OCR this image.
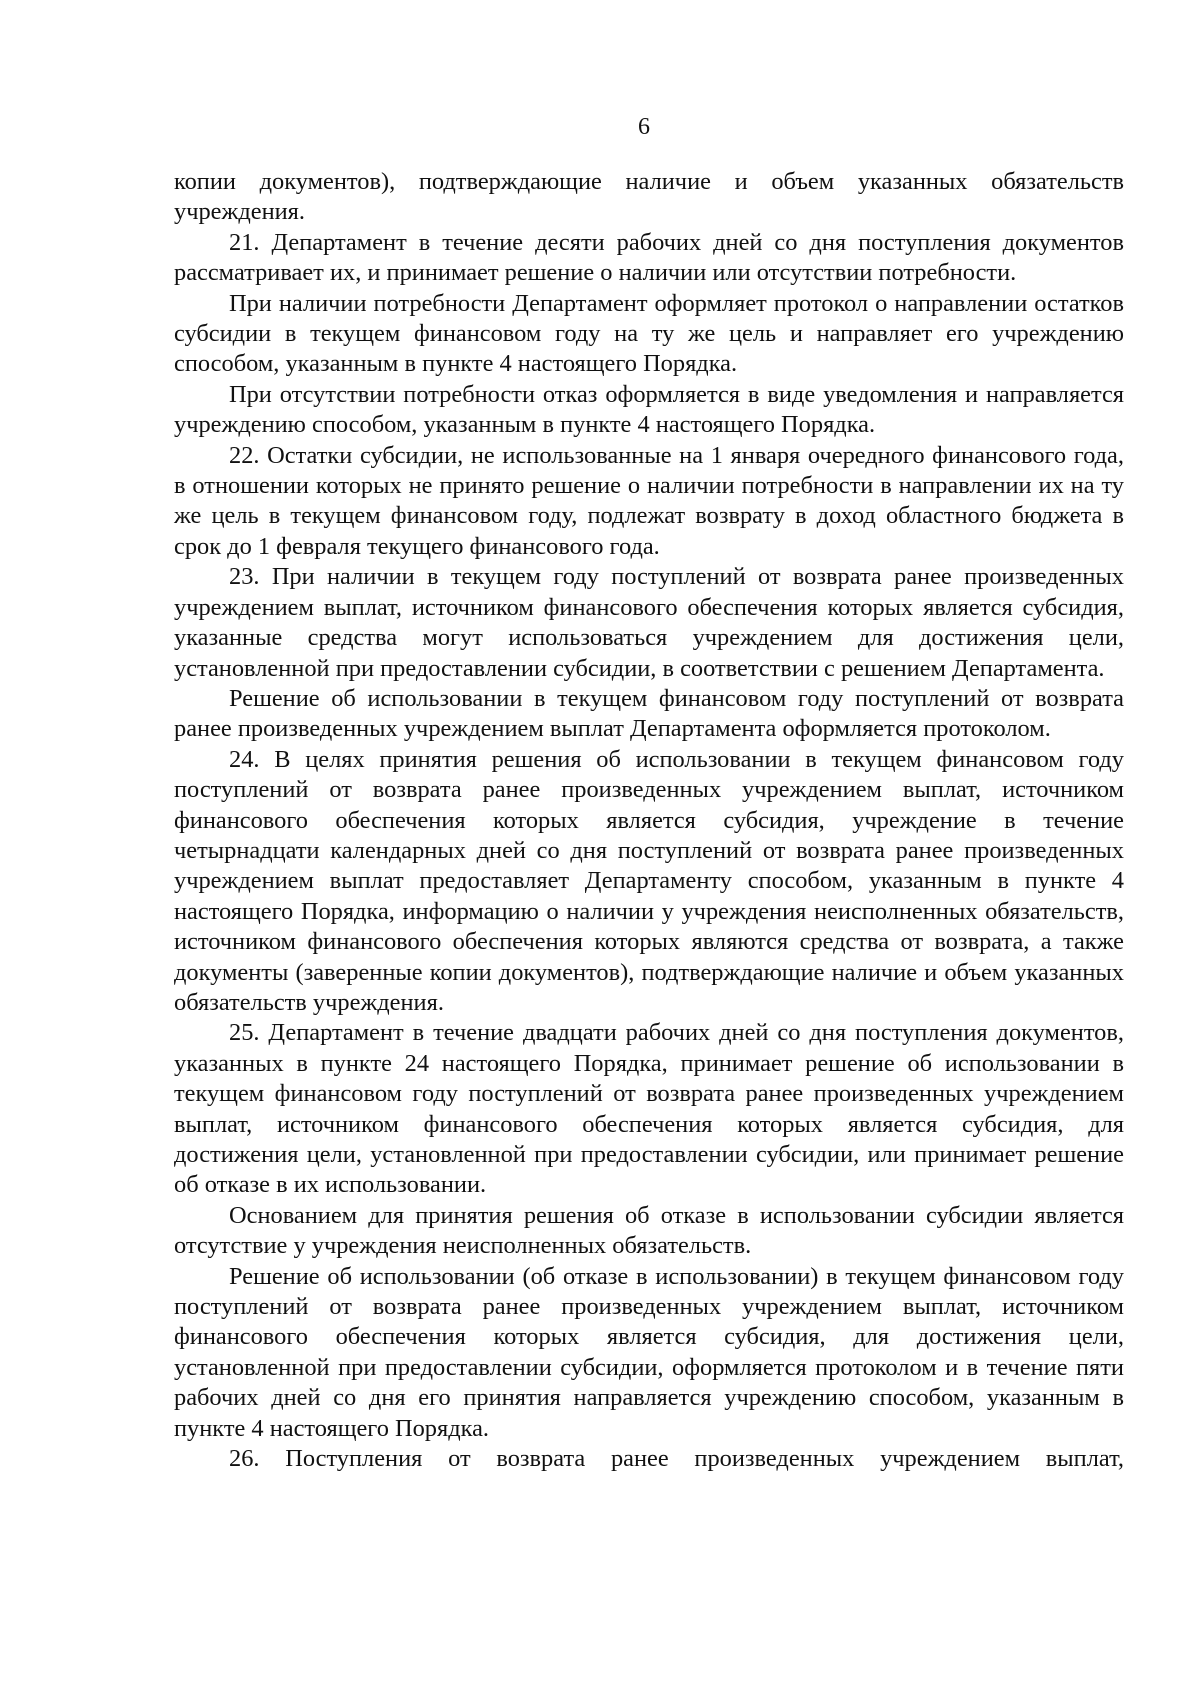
6

копии документов), подтверждающие наличие и объем указанных обязательств учреждения.

21. Департамент в течение десяти рабочих дней со дня поступления документов рассматривает их, и принимает решение о наличии или отсутствии потребности.

При наличии потребности Департамент оформляет протокол о направлении остатков субсидии в текущем финансовом году на ту же цель и направляет его учреждению способом, указанным в пункте 4 настоящего Порядка.

При отсутствии потребности отказ оформляется в виде уведомления и направляется учреждению способом, указанным в пункте 4 настоящего Порядка.

22. Остатки субсидии, не использованные на 1 января очередного финансового года, в отношении которых не принято решение о наличии потребности в направлении их на ту же цель в текущем финансовом году, подлежат возврату в доход областного бюджета в срок до 1 февраля текущего финансового года.

23. При наличии в текущем году поступлений от возврата ранее произведенных учреждением выплат, источником финансового обеспечения которых является субсидия, указанные средства могут использоваться учреждением для достижения цели, установленной при предоставлении субсидии, в соответствии с решением Департамента.

Решение об использовании в текущем финансовом году поступлений от возврата ранее произведенных учреждением выплат Департамента оформляется протоколом.

24. В целях принятия решения об использовании в текущем финансовом году поступлений от возврата ранее произведенных учреждением выплат, источником финансового обеспечения которых является субсидия, учреждение в течение четырнадцати календарных дней со дня поступлений от возврата ранее произведенных учреждением выплат предоставляет Департаменту способом, указанным в пункте 4 настоящего Порядка, информацию о наличии у учреждения неисполненных обязательств, источником финансового обеспечения которых являются средства от возврата, а также документы (заверенные копии документов), подтверждающие наличие и объем указанных обязательств учреждения.

25. Департамент в течение двадцати рабочих дней со дня поступления документов, указанных в пункте 24 настоящего Порядка, принимает решение об использовании в текущем финансовом году поступлений от возврата ранее произведенных учреждением выплат, источником финансового обеспечения которых является субсидия, для достижения цели, установленной при предоставлении субсидии, или принимает решение об отказе в их использовании.

Основанием для принятия решения об отказе в использовании субсидии является отсутствие у учреждения неисполненных обязательств.

Решение об использовании (об отказе в использовании) в текущем финансовом году поступлений от возврата ранее произведенных учреждением выплат, источником финансового обеспечения которых является субсидия, для достижения цели, установленной при предоставлении субсидии, оформляется протоколом и в течение пяти рабочих дней со дня его принятия направляется учреждению способом, указанным в пункте 4 настоящего Порядка.

26. Поступления от возврата ранее произведенных учреждением выплат,
